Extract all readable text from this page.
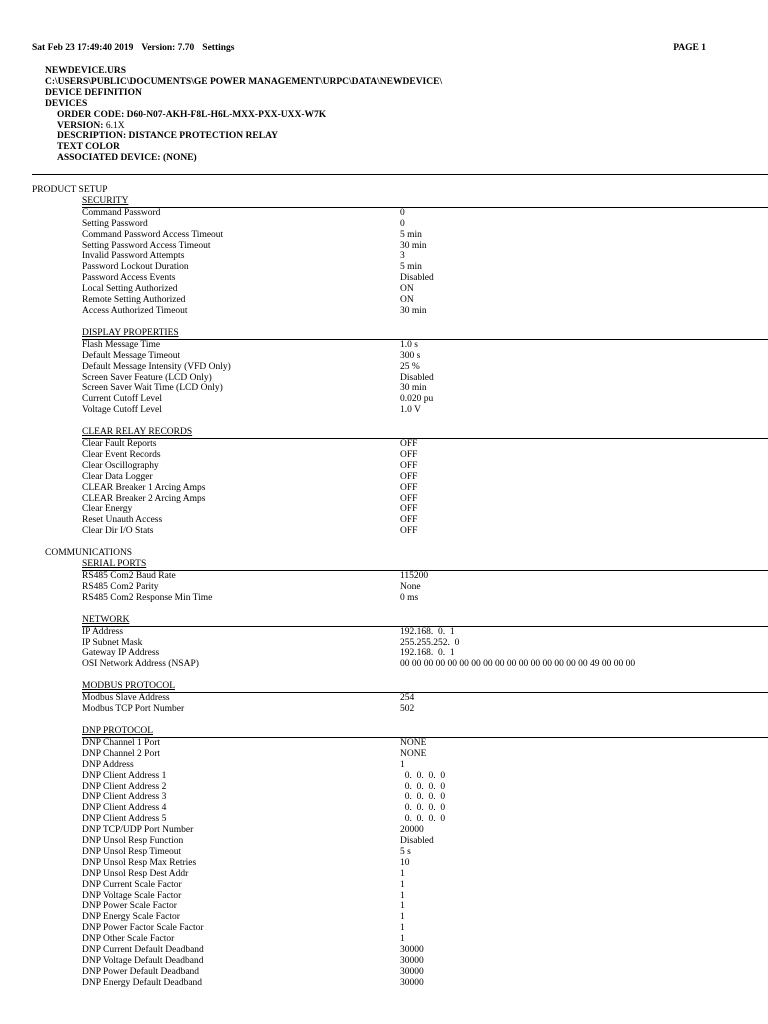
Sat Feb 23 17:49:40 2019 Version: 7.70 Settings	PAGE 1
NEWDEVICE.URS
C:\USERS\PUBLIC\DOCUMENTS\GE POWER MANAGEMENT\URPC\DATA\NEWDEVICE\
DEVICE DEFINITION
DEVICES
ORDER CODE: D60-N07-AKH-F8L-H6L-MXX-PXX-UXX-W7K
VERSION: 6.1X
DESCRIPTION: DISTANCE PROTECTION RELAY
TEXT COLOR
ASSOCIATED DEVICE: (NONE)
PRODUCT SETUP
SECURITY
Command Password	0
Setting Password	0
Command Password Access Timeout	5 min
Setting Password Access Timeout	30 min
Invalid Password Attempts	3
Password Lockout Duration	5 min
Password Access Events	Disabled
Local Setting Authorized	ON
Remote Setting Authorized	ON
Access Authorized Timeout	30 min
DISPLAY PROPERTIES
Flash Message Time	1.0 s
Default Message Timeout	300 s
Default Message Intensity (VFD Only)	25 %
Screen Saver Feature (LCD Only)	Disabled
Screen Saver Wait Time (LCD Only)	30 min
Current Cutoff Level	0.020 pu
Voltage Cutoff Level	1.0 V
CLEAR RELAY RECORDS
Clear Fault Reports	OFF
Clear Event Records	OFF
Clear Oscillography	OFF
Clear Data Logger	OFF
CLEAR Breaker 1 Arcing Amps	OFF
CLEAR Breaker 2 Arcing Amps	OFF
Clear Energy	OFF
Reset Unauth Access	OFF
Clear Dir I/O Stats	OFF
COMMUNICATIONS
SERIAL PORTS
RS485 Com2 Baud Rate	115200
RS485 Com2 Parity	None
RS485 Com2 Response Min Time	0 ms
NETWORK
IP Address	192.168.  0.  1
IP Subnet Mask	255.255.252.  0
Gateway IP Address	192.168.  0.  1
OSI Network Address (NSAP)	00 00 00 00 00 00 00 00 00 00 00 00 00 00 00 00 49 00 00 00
MODBUS PROTOCOL
Modbus Slave Address	254
Modbus TCP Port Number	502
DNP PROTOCOL
DNP Channel 1 Port	NONE
DNP Channel 2 Port	NONE
DNP Address	1
DNP Client Address 1	0.  0.  0.  0
DNP Client Address 2	0.  0.  0.  0
DNP Client Address 3	0.  0.  0.  0
DNP Client Address 4	0.  0.  0.  0
DNP Client Address 5	0.  0.  0.  0
DNP TCP/UDP Port Number	20000
DNP Unsol Resp Function	Disabled
DNP Unsol Resp Timeout	5 s
DNP Unsol Resp Max Retries	10
DNP Unsol Resp Dest Addr	1
DNP Current Scale Factor	1
DNP Voltage Scale Factor	1
DNP Power Scale Factor	1
DNP Energy Scale Factor	1
DNP Power Factor Scale Factor	1
DNP Other Scale Factor	1
DNP Current Default Deadband	30000
DNP Voltage Default Deadband	30000
DNP Power Default Deadband	30000
DNP Energy Default Deadband	30000
